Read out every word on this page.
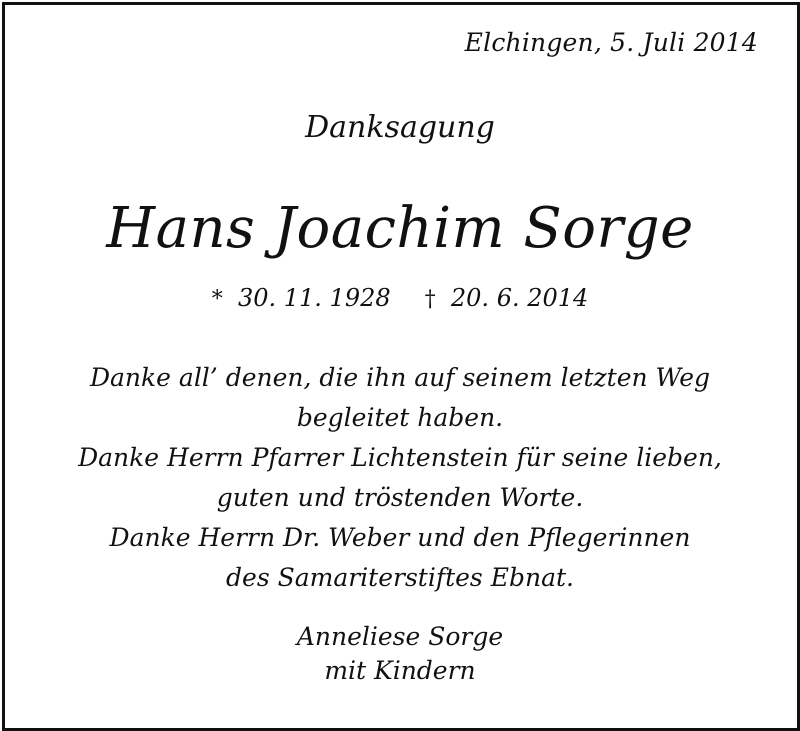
Elchingen, 5. Juli 2014
Danksagung
Hans Joachim Sorge
* 30. 11. 1928 † 20. 6. 2014
Danke all’ denen, die ihn auf seinem letzten Weg
begleitet haben.
Danke Herrn Pfarrer Lichtenstein für seine lieben,
guten und tröstenden Worte.
Danke Herrn Dr. Weber und den Pflegerinnen
des Samariterstiftes Ebnat.
Anneliese Sorge
mit Kindern
